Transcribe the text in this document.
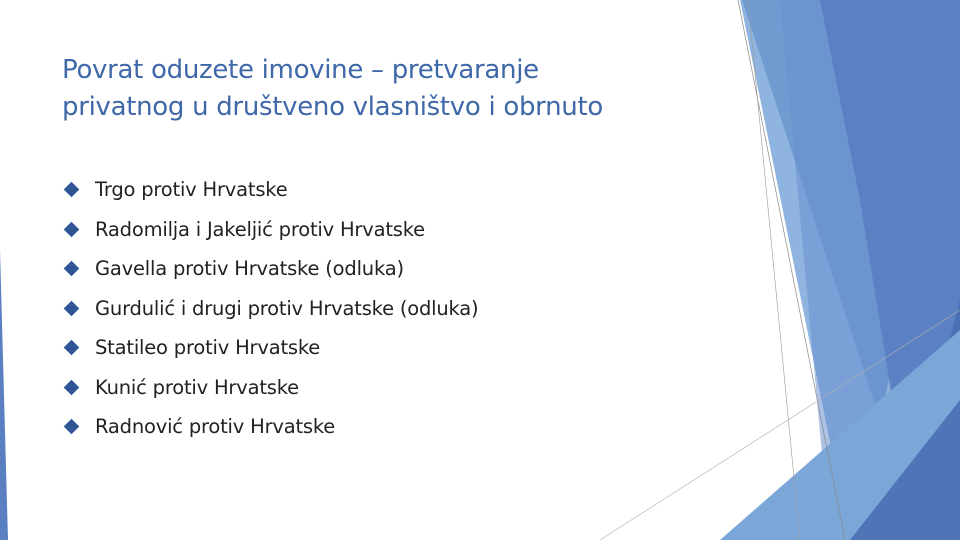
Povrat oduzete imovine – pretvaranje
privatnog u društveno vlasništvo i obrnuto
Trgo protiv Hrvatske
Radomilja i Jakeljić protiv Hrvatske
Gavella protiv Hrvatske (odluka)
Gurdulić i drugi protiv Hrvatske (odluka)
Statileo protiv Hrvatske
Kunić protiv Hrvatske
Radnović protiv Hrvatske
